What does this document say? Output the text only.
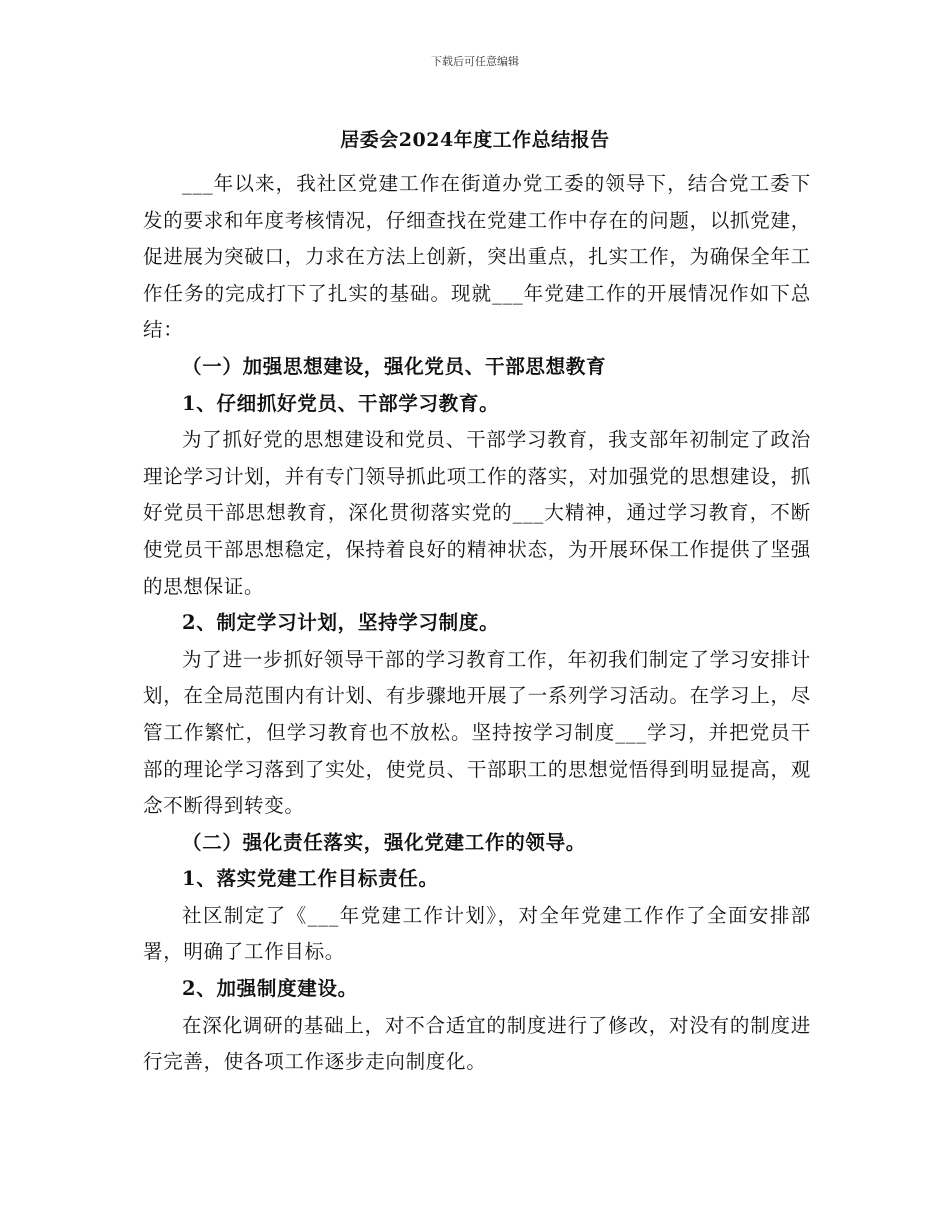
下载后可任意编辑
居委会2024年度工作总结报告

___年以来，我社区党建工作在街道办党工委的领导下，结合党工委下发的要求和年度考核情况，仔细查找在党建工作中存在的问题，以抓党建，促进展为突破口，力求在方法上创新，突出重点，扎实工作，为确保全年工作任务的完成打下了扎实的基础。现就___年党建工作的开展情况作如下总结：

（一）加强思想建设，强化党员、干部思想教育

1、仔细抓好党员、干部学习教育。

为了抓好党的思想建设和党员、干部学习教育，我支部年初制定了政治理论学习计划，并有专门领导抓此项工作的落实，对加强党的思想建设，抓好党员干部思想教育，深化贯彻落实党的___大精神，通过学习教育，不断使党员干部思想稳定，保持着良好的精神状态，为开展环保工作提供了坚强的思想保证。

2、制定学习计划，坚持学习制度。

为了进一步抓好领导干部的学习教育工作，年初我们制定了学习安排计划，在全局范围内有计划、有步骤地开展了一系列学习活动。在学习上，尽管工作繁忙，但学习教育也不放松。坚持按学习制度___学习，并把党员干部的理论学习落到了实处，使党员、干部职工的思想觉悟得到明显提高，观念不断得到转变。

（二）强化责任落实，强化党建工作的领导。

1、落实党建工作目标责任。

社区制定了《___年党建工作计划》，对全年党建工作作了全面安排部署，明确了工作目标。

2、加强制度建设。

在深化调研的基础上，对不合适宜的制度进行了修改，对没有的制度进行完善，使各项工作逐步走向制度化。
